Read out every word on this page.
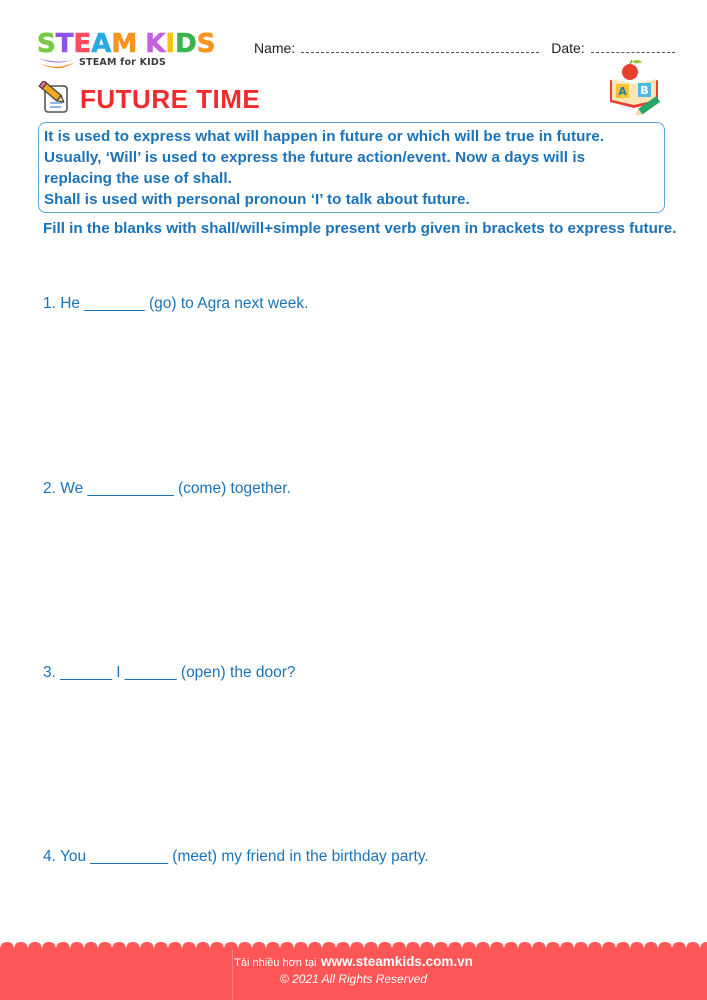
STEAM KIDS
STEAM for KIDS
Name:	Date:
FUTURE TIME	A B

It is used to express what will happen in future or which will be true in future.

Usually, ‘Will’ is used to express the future action/event. Now a days will is

replacing the use of shall.

Shall is used with personal pronoun ‘I’ to talk about future.

Fill in the blanks with shall/will+simple present verb given in brackets to express future.
1. He _______ (go) to Agra next week.
2. We __________ (come) together.
3. ______ I ______ (open) the door?
4. You _________ (meet) my friend in the birthday party.
Tải nhiều hơn tại www.steamkids.com.vn
© 2021 All Rights Reserved
